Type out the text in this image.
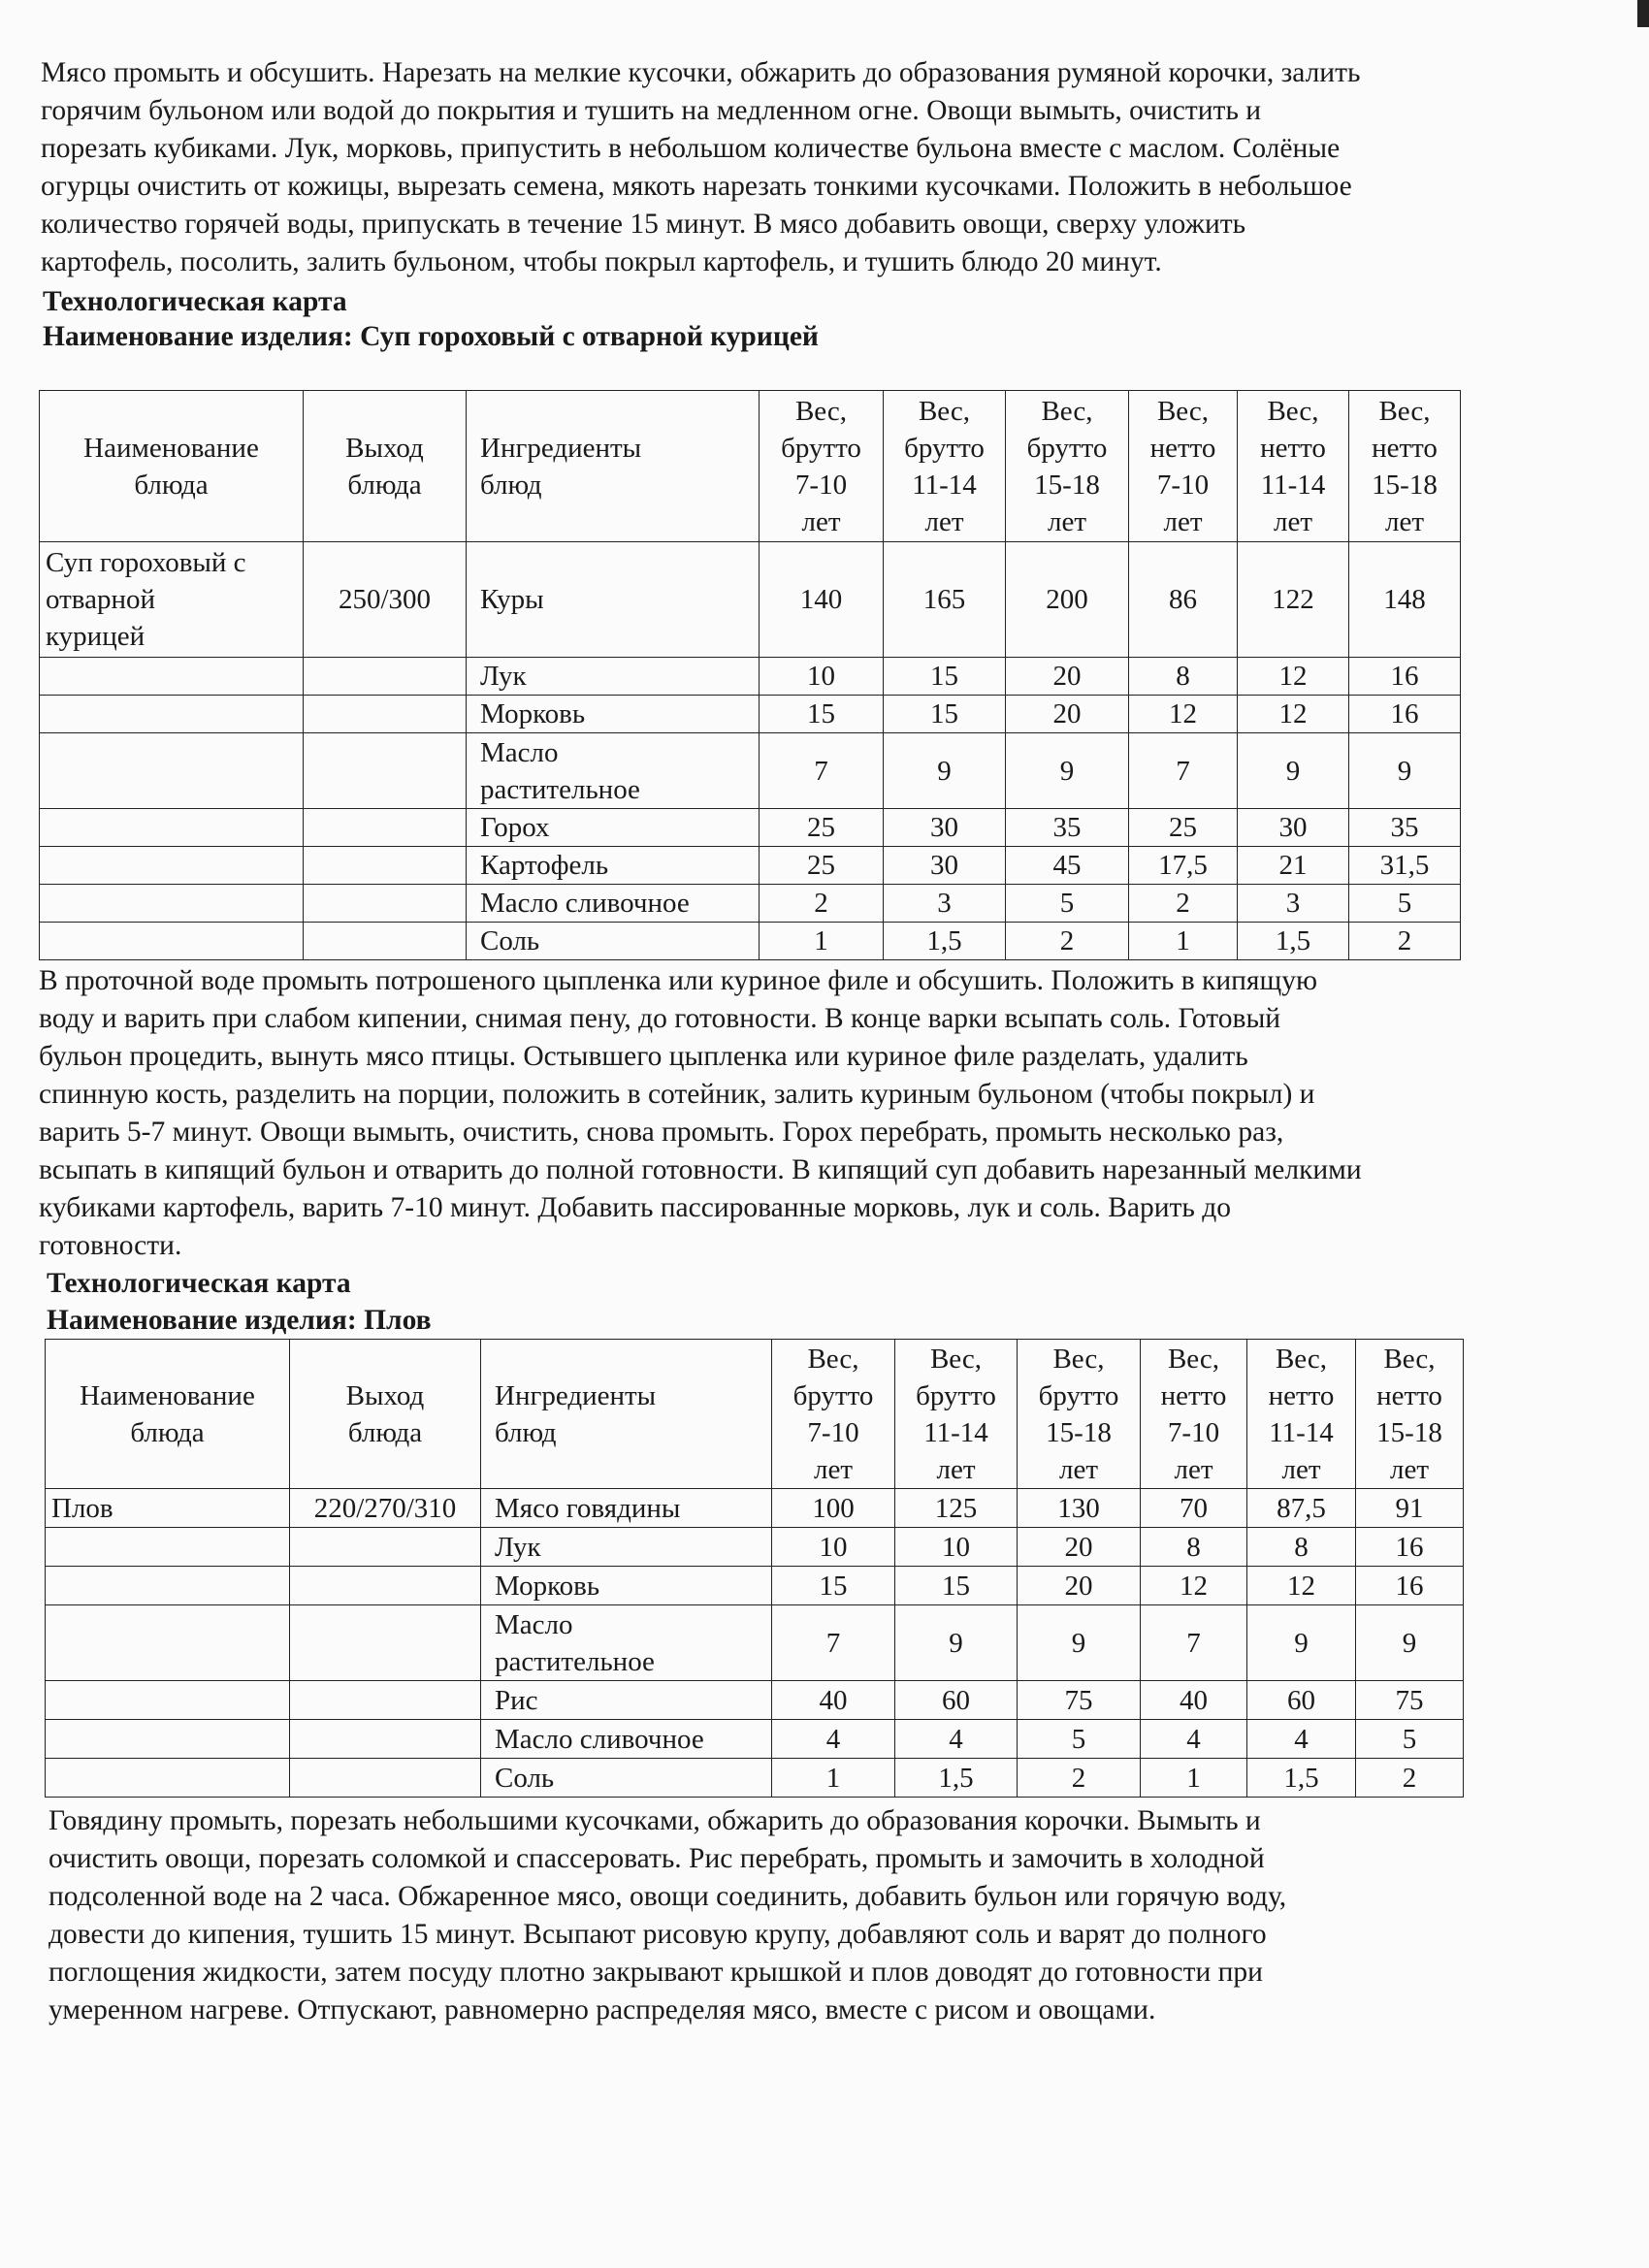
Мясо промыть и обсушить. Нарезать на мелкие кусочки, обжарить до образования румяной корочки, залить
горячим бульоном или водой до покрытия и тушить на медленном огне. Овощи вымыть, очистить и
порезать кубиками. Лук, морковь, припустить в небольшом количестве бульона вместе с маслом. Солёные
огурцы очистить от кожицы, вырезать семена, мякоть нарезать тонкими кусочками. Положить в небольшое
количество горячей воды, припускать в течение 15 минут. В мясо добавить овощи, сверху уложить
картофель, посолить, залить бульоном, чтобы покрыл картофель, и тушить блюдо 20 минут.

Технологическая карта

Наименование изделия: Суп гороховый с отварной курицей

Наименование
блюда	Выход
блюда	Ингредиенты
блюд	Вес,
брутто
7-10
лет	Вес,
брутто
11-14
лет	Вес,
брутто
15-18
лет	Вес,
нетто
7-10
лет	Вес,
нетто
11-14
лет	Вес,
нетто
15-18
лет
Суп гороховый с
отварной
курицей	250/300	Куры	140	165	200	86	122	148
		Лук	10	15	20	8	12	16
		Морковь	15	15	20	12	12	16
		Масло
растительное	7	9	9	7	9	9
		Горох	25	30	35	25	30	35
		Картофель	25	30	45	17,5	21	31,5
		Масло сливочное	2	3	5	2	3	5
		Соль	1	1,5	2	1	1,5	2

В проточной воде промыть потрошеного цыпленка или куриное филе и обсушить. Положить в кипящую
воду и варить при слабом кипении, снимая пену, до готовности. В конце варки всыпать соль. Готовый
бульон процедить, вынуть мясо птицы. Остывшего цыпленка или куриное филе разделать, удалить
спинную кость, разделить на порции, положить в сотейник, залить куриным бульоном (чтобы покрыл) и
варить 5-7 минут. Овощи вымыть, очистить, снова промыть. Горох перебрать, промыть несколько раз,
всыпать в кипящий бульон и отварить до полной готовности. В кипящий суп добавить нарезанный мелкими
кубиками картофель, варить 7-10 минут. Добавить пассированные морковь, лук и соль. Варить до
готовности.

Технологическая карта

Наименование изделия: Плов

Наименование
блюда	Выход
блюда	Ингредиенты
блюд	Вес,
брутто
7-10
лет	Вес,
брутто
11-14
лет	Вес,
брутто
15-18
лет	Вес,
нетто
7-10
лет	Вес,
нетто
11-14
лет	Вес,
нетто
15-18
лет
Плов	220/270/310	Мясо говядины	100	125	130	70	87,5	91
		Лук	10	10	20	8	8	16
		Морковь	15	15	20	12	12	16
		Масло
растительное	7	9	9	7	9	9
		Рис	40	60	75	40	60	75
		Масло сливочное	4	4	5	4	4	5
		Соль	1	1,5	2	1	1,5	2

Говядину промыть, порезать небольшими кусочками, обжарить до образования корочки. Вымыть и
очистить овощи, порезать соломкой и спассеровать. Рис перебрать, промыть и замочить в холодной
подсоленной воде на 2 часа. Обжаренное мясо, овощи соединить, добавить бульон или горячую воду,
довести до кипения, тушить 15 минут. Всыпают рисовую крупу, добавляют соль и варят до полного
поглощения жидкости, затем посуду плотно закрывают крышкой и плов доводят до готовности при
умеренном нагреве. Отпускают, равномерно распределяя мясо, вместе с рисом и овощами.
